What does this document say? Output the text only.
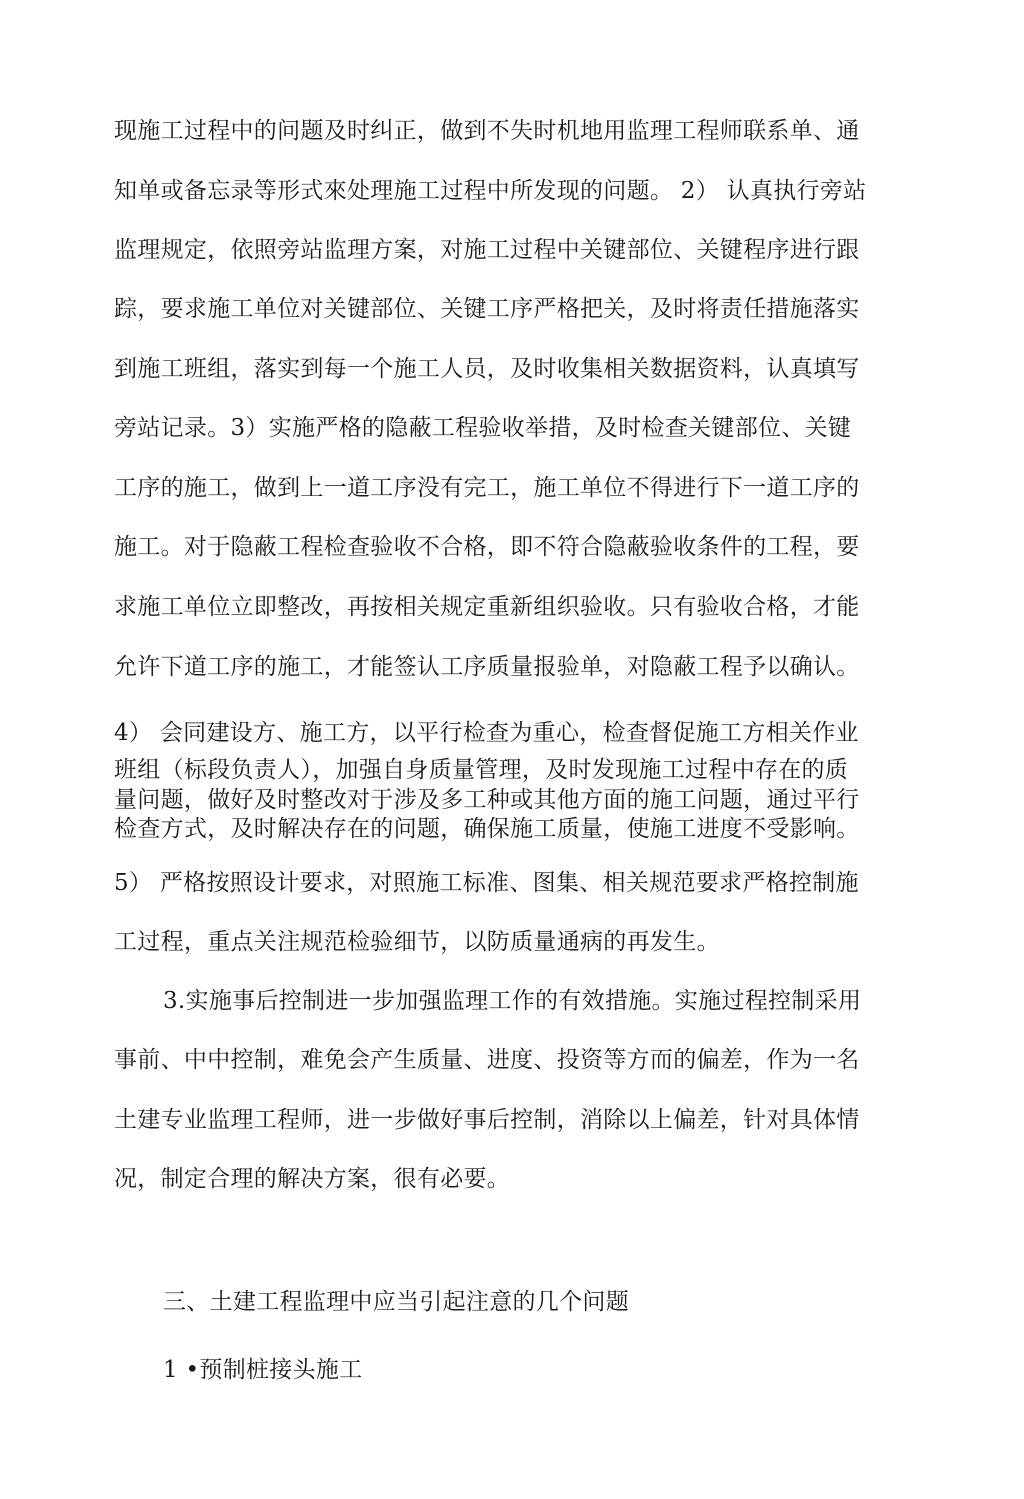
现施工过程中的问题及时纠正，做到不失时机地用监理工程师联系单、通
知单或备忘录等形式來处理施工过程中所发现的问题。 2） 认真执行旁站
监理规定，依照旁站监理方案，对施工过程中关键部位、关键程序进行跟
踪，要求施工单位对关键部位、关键工序严格把关，及时将责任措施落实
到施工班组，落实到每一个施工人员，及时收集相关数据资料，认真填写
旁站记录。3）实施严格的隐蔽工程验收举措，及时检查关键部位、关键
工序的施工，做到上一道工序没有完工，施工单位不得进行下一道工序的
施工。对于隐蔽工程检查验收不合格，即不符合隐蔽验收条件的工程，要
求施工单位立即整改，再按相关规定重新组织验收。只有验收合格，才能
允许下道工序的施工，才能签认工序质量报验单，对隐蔽工程予以确认。
4） 会同建设方、施工方，以平行检查为重心，检查督促施工方相关作业
班组（标段负责人），加强自身质量管理，及时发现施工过程中存在的质
量问题，做好及时整改对于涉及多工种或其他方面的施工问题，通过平行
检查方式，及时解决存在的问题，确保施工质量，使施工进度不受影响。
5） 严格按照设计要求，对照施工标准、图集、相关规范要求严格控制施
工过程，重点关注规范检验细节，以防质量通病的再发生。
3.实施事后控制进一步加强监理工作的有效措施。实施过程控制采用
事前、中中控制，难免会产生质量、进度、投资等方而的偏差，作为一名
土建专业监理工程师，进一步做好事后控制，消除以上偏差，针对具体情
况，制定合理的解决方案，很有必要。
三、土建工程监理中应当引起注意的几个问题
1 •预制桩接头施工
